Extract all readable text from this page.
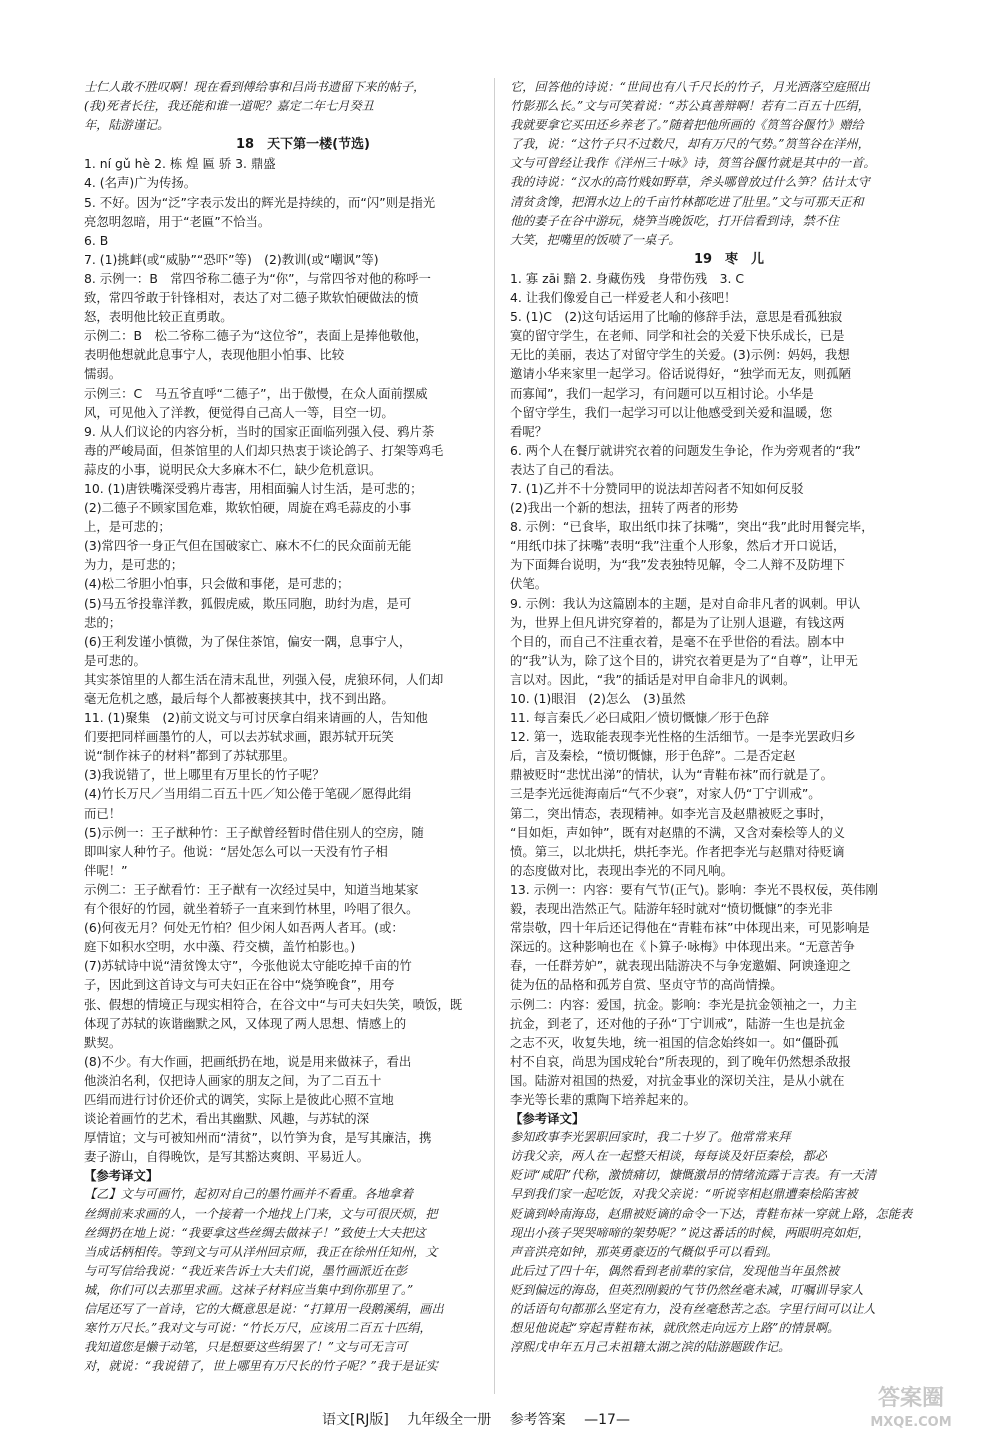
士仁人敢不胜叹啊！现在看到傅给事和吕尚书遗留下来的帖子，
(我)死者长往，我还能和谁一道呢？嘉定二年七月癸丑
年，陆游谨记。
18　天下第一楼(节选)
1. ní gǔ hè 2. 栋 煌 匾 骄 3. 鼎盛
4. (名声)广为传扬。
5. 不好。因为“泛”字表示发出的辉光是持续的，而“闪”则是指光
亮忽明忽暗，用于“老匾”不恰当。
6. B
7. (1)挑衅(或“威胁”“恐吓”等)　(2)教训(或“嘲讽”等)
8. 示例一：B　常四爷称二德子为“你”，与常四爷对他的称呼一
致，常四爷敢于针锋相对，表达了对二德子欺软怕硬做法的愤
怒，表明他比较正直勇敢。
示例二：B　松二爷称二德子为“这位爷”，表面上是捧他敬他，
表明他想就此息事宁人，表现他胆小怕事、比较
懦弱。
示例三：C　马五爷直呼“二德子”，出于傲慢，在众人面前摆威
风，可见他入了洋教，便觉得自己高人一等，目空一切。
9. 从人们议论的内容分析，当时的国家正面临列强入侵、鸦片荼
毒的严峻局面，但茶馆里的人们却只热衷于谈论鸽子、打架等鸡毛
蒜皮的小事，说明民众大多麻木不仁，缺少危机意识。
10. (1)唐铁嘴深受鸦片毒害，用相面骗人讨生活，是可悲的；
(2)二德子不顾家国危难，欺软怕硬，周旋在鸡毛蒜皮的小事
上，是可悲的；
(3)常四爷一身正气但在国破家亡、麻木不仁的民众面前无能
为力，是可悲的；
(4)松二爷胆小怕事，只会做和事佬，是可悲的；
(5)马五爷投靠洋教，狐假虎威，欺压同胞，助纣为虐，是可
悲的；
(6)王利发谨小慎微，为了保住茶馆，偏安一隅，息事宁人，
是可悲的。
其实茶馆里的人都生活在清末乱世，列强入侵，虎狼环伺，人们却
毫无危机之感，最后每个人都被裹挟其中，找不到出路。
11. (1)聚集　(2)前文说文与可讨厌拿白绢来请画的人，告知他
们要把同样画墨竹的人，可以去苏轼求画，跟苏轼开玩笑
说“制作袜子的材料”都到了苏轼那里。
(3)我说错了，世上哪里有万里长的竹子呢？
(4)竹长万尺／当用绢二百五十匹／知公倦于笔砚／愿得此绢
而已！
(5)示例一：王子猷种竹：王子猷曾经暂时借住别人的空房，随
即叫家人种竹子。他说：“居处怎么可以一天没有竹子相
伴呢！”
示例二：王子猷看竹：王子猷有一次经过吴中，知道当地某家
有个很好的竹园，就坐着轿子一直来到竹林里，吟唱了很久。
(6)何夜无月？何处无竹柏？但少闲人如吾两人者耳。(或：
庭下如积水空明，水中藻、荇交横，盖竹柏影也。)
(7)苏轼诗中说“清贫馋太守”，今张他说太守能吃掉千亩的竹
子，因此到这首诗文与可夫妇正在谷中“烧笋晚食”，用夸
张、假想的情境正与现实相符合，在谷文中“与可夫妇失笑，喷饭，既
体现了苏轼的诙谐幽默之风，又体现了两人思想、情感上的
默契。
(8)不少。有大作画，把画纸扔在地，说是用来做袜子，看出
他淡泊名利，仅把诗人画家的朋友之间，为了二百五十
匹绢而进行讨价还价式的调笑，实际上是彼此心照不宣地
谈论着画竹的艺术，看出其幽默、风趣，与苏轼的深
厚情谊；文与可被知州而“清贫”，以竹笋为食，是写其廉洁，携
妻子游山，自得晚饮，是写其豁达爽朗、平易近人。
【参考译文】
【乙】文与可画竹，起初对自己的墨竹画并不看重。各地拿着
丝绸前来求画的人，一个接着一个地找上门来，文与可很厌烦，把
丝绸扔在地上说：“我要拿这些丝绸去做袜子！”致使士大夫把这
当成话柄相传。等到文与可从洋州回京师，我正在徐州任知州，文
与可写信给我说：“我近来告诉士大夫们说，墨竹画派近在彭
城，你们可以去那里求画。这袜子材料应当集中到你那里了。”
信尾还写了一首诗，它的大概意思是说：“打算用一段鹅溪绢，画出
寒竹万尺长。”我对文与可说：“竹长万尺，应该用二百五十匹绢，
我知道您是懒于动笔，只是想要这些绢罢了！”文与可无言可
对，就说：“我说错了，世上哪里有万尺长的竹子呢？”我于是证实
它，回答他的诗说：“世间也有八千尺长的竹子，月光洒落空庭照出
竹影那么长。”文与可笑着说：“苏公真善辩啊！若有二百五十匹绢，
我就要拿它买田还乡养老了。”随着把他所画的《筼筜谷偃竹》赠给
了我，说：“这竹子只不过数尺，却有万尺的气势。”筼筜谷在洋州，
文与可曾经让我作《洋州三十咏》诗，筼筜谷偃竹就是其中的一首。
我的诗说：“汉水的高竹贱如野草，斧头哪曾放过什么笋？估计太守
清贫贪馋，把渭水边上的千亩竹林都吃进了肚里。”文与可那天正和
他的妻子在谷中游玩，烧笋当晚饭吃，打开信看到诗，禁不住
大笑，把嘴里的饭喷了一桌子。
19　枣　儿
1. 寡 zāi 黯 2. 身藏伤残　身带伤残　3. C
4. 让我们像爱自己一样爱老人和小孩吧！
5. (1)C　(2)这句话运用了比喻的修辞手法，意思是看孤独寂
寞的留守学生，在老师、同学和社会的关爱下快乐成长，已是
无比的美丽，表达了对留守学生的关爱。(3)示例：妈妈，我想
邀请小华来家里一起学习。俗话说得好，“独学而无友，则孤陋
而寡闻”，我们一起学习，有问题可以互相讨论。小华是
个留守学生，我们一起学习可以让他感受到关爱和温暖，您
看呢？
6. 两个人在餐厅就讲究衣着的问题发生争论，作为旁观者的“我”
表达了自己的看法。
7. (1)乙并不十分赞同甲的说法却苦闷者不知如何反驳
(2)我出一个新的想法，扭转了两者的形势
8. 示例：“已食毕，取出纸巾抹了抹嘴”，突出“我”此时用餐完毕，
“用纸巾抹了抹嘴”表明“我”注重个人形象，然后才开口说话，
为下面舞台说明，为“我”发表独特见解，令二人辩不及防埋下
伏笔。
9. 示例：我认为这篇剧本的主题，是对自命非凡者的讽刺。甲认
为，世界上但凡讲究穿着的，都是为了让别人退避，有钱这两
个目的，而自己不注重衣着，是毫不在乎世俗的看法。剧本中
的“我”认为，除了这个目的，讲究衣着更是为了“自尊”，让甲无
言以对。因此，“我”的插话是对甲自命非凡的讽刺。
10. (1)眼泪　(2)怎么　(3)虽然
11. 每言秦氏／必曰咸阳／愤切慨慷／形于色辞
12. 第一，选取能表现李光性格的生活细节。一是李光罢政归乡
后，言及秦桧，“愤切慨慷，形于色辞”。二是否定赵
鼎被贬时“悲忧出涕”的情状，认为“青鞋布袜”而行就是了。
三是李光远徙海南后“气不少衰”，对家人仍“丁宁训戒”。
第二，突出情态，表现精神。如李光言及赵鼎被贬之事时，
“目如炬，声如钟”，既有对赵鼎的不满，又含对秦桧等人的义
愤。第三，以北烘托，烘托李光。作者把李光与赵鼎对待贬谪
的态度做对比，表现出李光的不同凡响。
13. 示例一：内容：要有气节(正气)。影响：李光不畏权佞，英伟刚
毅，表现出浩然正气。陆游年轻时就对“愤切慨慷”的李光非
常崇敬，四十年后还记得他在“青鞋布袜”中体现出来，可见影响是
深远的。这种影响也在《卜算子·咏梅》中体现出来。“无意苦争
春，一任群芳妒”，就表现出陆游决不与争宠邀媚、阿谀逢迎之
徒为伍的品格和孤芳自赏、坚贞守节的高尚情操。
示例二：内容：爱国，抗金。影响：李光是抗金领袖之一，力主
抗金，到老了，还对他的子孙“丁宁训戒”，陆游一生也是抗金
之志不灭，收复失地，统一祖国的信念始终如一。如“僵卧孤
村不自哀，尚思为国戍轮台”所表现的，到了晚年仍然想杀敌报
国。陆游对祖国的热爱，对抗金事业的深切关注，是从小就在
李光等长辈的熏陶下培养起来的。
【参考译文】
参知政事李光罢职回家时，我二十岁了。他常常来拜
访我父亲，两人在一起整天相谈，每每谈及奸臣秦桧，都必
贬词“咸阳”代称，激愤痛切，慷慨激昂的情绪流露于言表。有一天清
早到我们家一起吃饭，对我父亲说：“听说宰相赵鼎遭秦桧陷害被
贬谪到岭南海岛，赵鼎被贬谪的命令一下达，青鞋布袜一穿就上路，怎能表
现出小孩子哭哭啼啼的架势呢？”说这番话的时候，两眼明亮如炬，
声音洪亮如钟，那英勇豪迈的气概似乎可以看到。
此后过了四十年，偶然看到老前辈的家信，发现他当年虽然被
贬到偏远的海岛，但英烈刚毅的气节仍然丝毫未减，叮嘱训导家人
的话语句句都那么坚定有力，没有丝毫愁苦之态。字里行间可以让人
想见他说起“穿起青鞋布袜，就欣然走向远方上路”的情景啊。
淳熙戊申年五月己未祖籍太湖之滨的陆游题跋作记。
语文[RJ版] 九年级全一册 参考答案 —17—
答案圈
MXQE.COM
